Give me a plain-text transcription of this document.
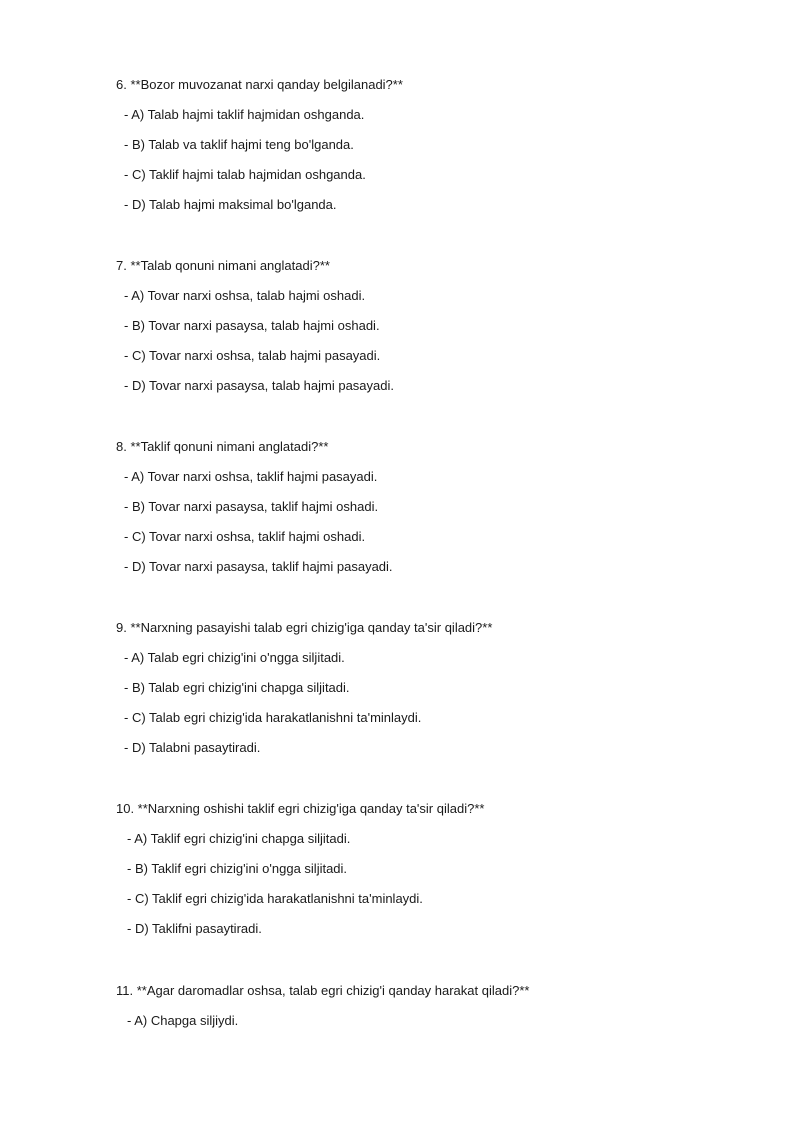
6. **Bozor muvozanat narxi qanday belgilanadi?**
- A) Talab hajmi taklif hajmidan oshganda.
- B) Talab va taklif hajmi teng bo'lganda.
- C) Taklif hajmi talab hajmidan oshganda.
- D) Talab hajmi maksimal bo'lganda.
7. **Talab qonuni nimani anglatadi?**
- A) Tovar narxi oshsa, talab hajmi oshadi.
- B) Tovar narxi pasaysa, talab hajmi oshadi.
- C) Tovar narxi oshsa, talab hajmi pasayadi.
- D) Tovar narxi pasaysa, talab hajmi pasayadi.
8. **Taklif qonuni nimani anglatadi?**
- A) Tovar narxi oshsa, taklif hajmi pasayadi.
- B) Tovar narxi pasaysa, taklif hajmi oshadi.
- C) Tovar narxi oshsa, taklif hajmi oshadi.
- D) Tovar narxi pasaysa, taklif hajmi pasayadi.
9. **Narxning pasayishi talab egri chizig'iga qanday ta'sir qiladi?**
- A) Talab egri chizig'ini o'ngga siljitadi.
- B) Talab egri chizig'ini chapga siljitadi.
- C) Talab egri chizig'ida harakatlanishni ta'minlaydi.
- D) Talabni pasaytiradi.
10. **Narxning oshishi taklif egri chizig'iga qanday ta'sir qiladi?**
- A) Taklif egri chizig'ini chapga siljitadi.
- B) Taklif egri chizig'ini o'ngga siljitadi.
- C) Taklif egri chizig'ida harakatlanishni ta'minlaydi.
- D) Taklifni pasaytiradi.
11. **Agar daromadlar oshsa, talab egri chizig'i qanday harakat qiladi?**
- A) Chapga siljiydi.
